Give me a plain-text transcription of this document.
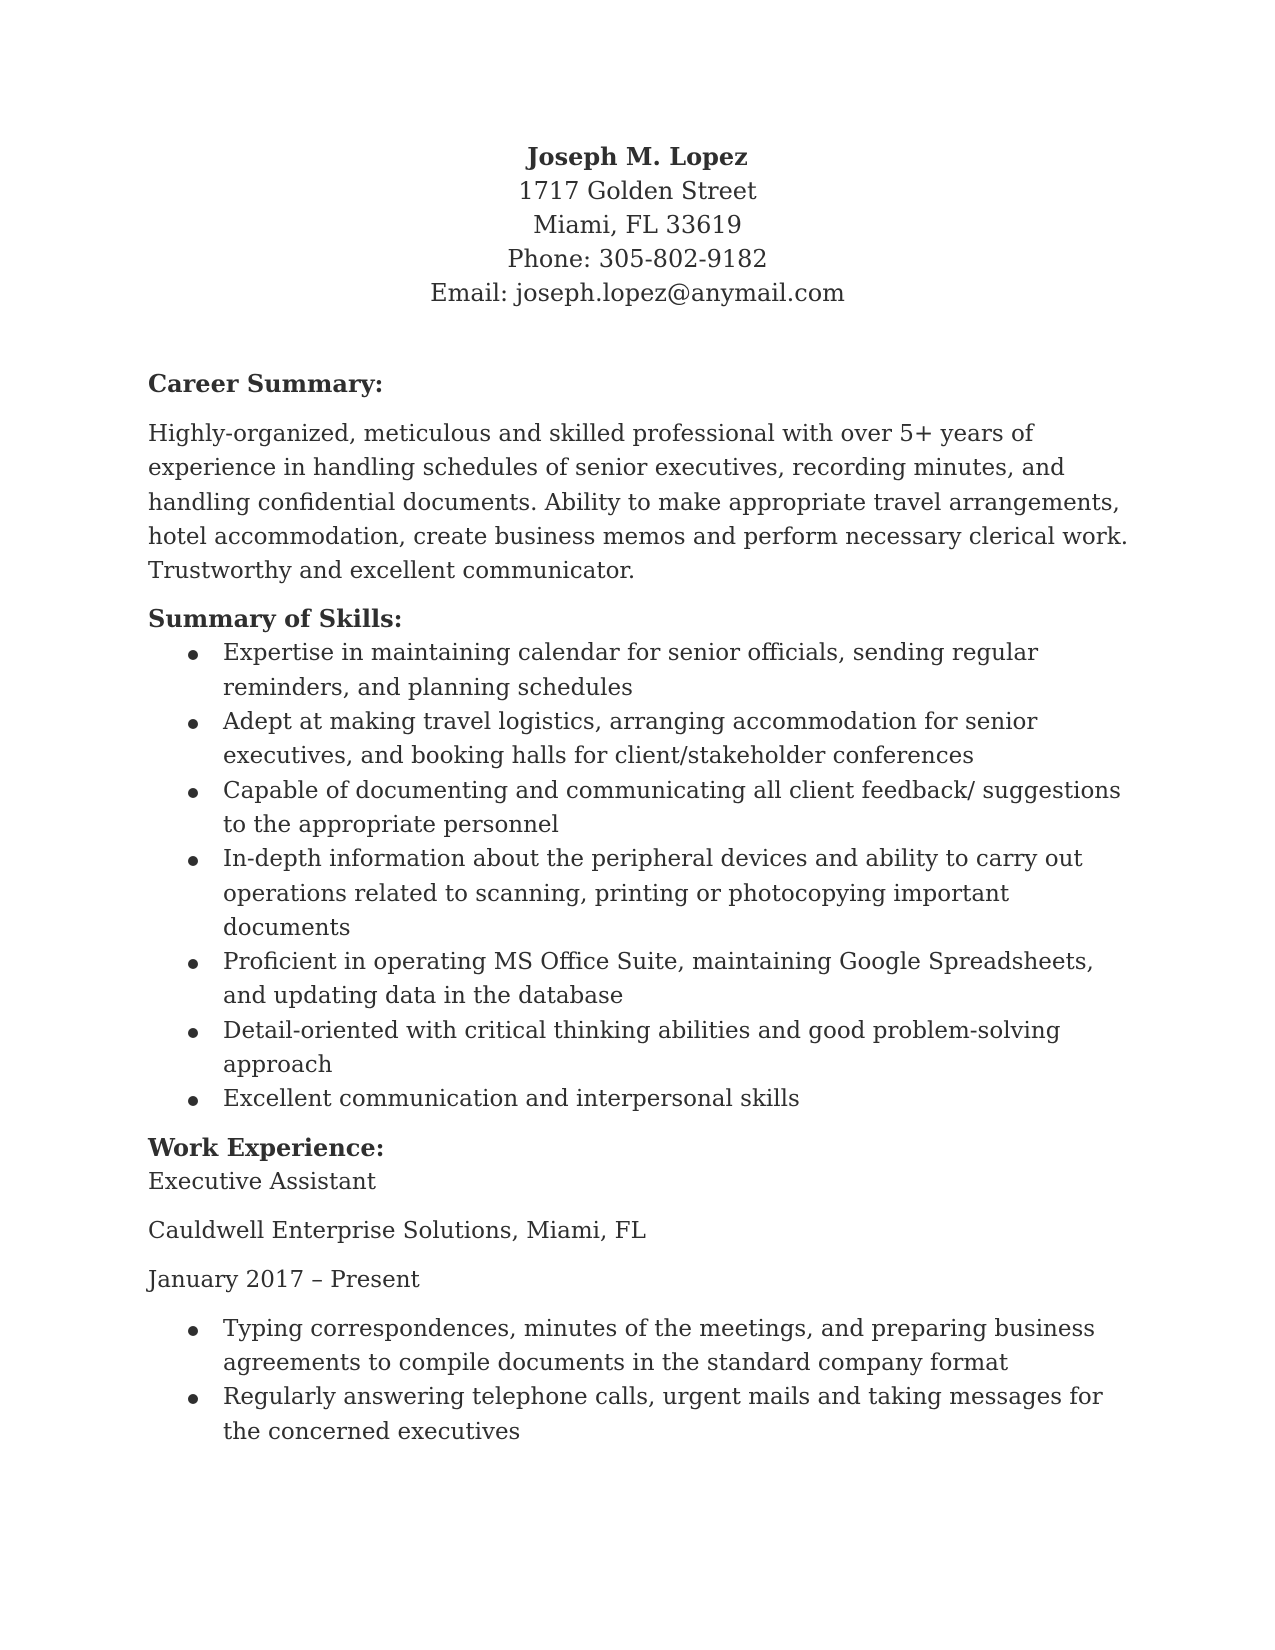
Joseph M. Lopez
1717 Golden Street
Miami, FL 33619
Phone: 305-802-9182
Email: joseph.lopez@anymail.com
Career Summary:

Highly-organized, meticulous and skilled professional with over 5+ years of experience in handling schedules of senior executives, recording minutes, and handling confidential documents. Ability to make appropriate travel arrangements, hotel accommodation, create business memos and perform necessary clerical work. Trustworthy and excellent communicator.

Summary of Skills:
Expertise in maintaining calendar for senior officials, sending regular reminders, and planning schedules
Adept at making travel logistics, arranging accommodation for senior executives, and booking halls for client/stakeholder conferences
Capable of documenting and communicating all client feedback/ suggestions to the appropriate personnel
In-depth information about the peripheral devices and ability to carry out operations related to scanning, printing or photocopying important documents
Proficient in operating MS Office Suite, maintaining Google Spreadsheets, and updating data in the database
Detail-oriented with critical thinking abilities and good problem-solving approach
Excellent communication and interpersonal skills
Work Experience:

Executive Assistant

Cauldwell Enterprise Solutions, Miami, FL

January 2017 – Present

Typing correspondences, minutes of the meetings, and preparing business agreements to compile documents in the standard company format
Regularly answering telephone calls, urgent mails and taking messages for the concerned executives
